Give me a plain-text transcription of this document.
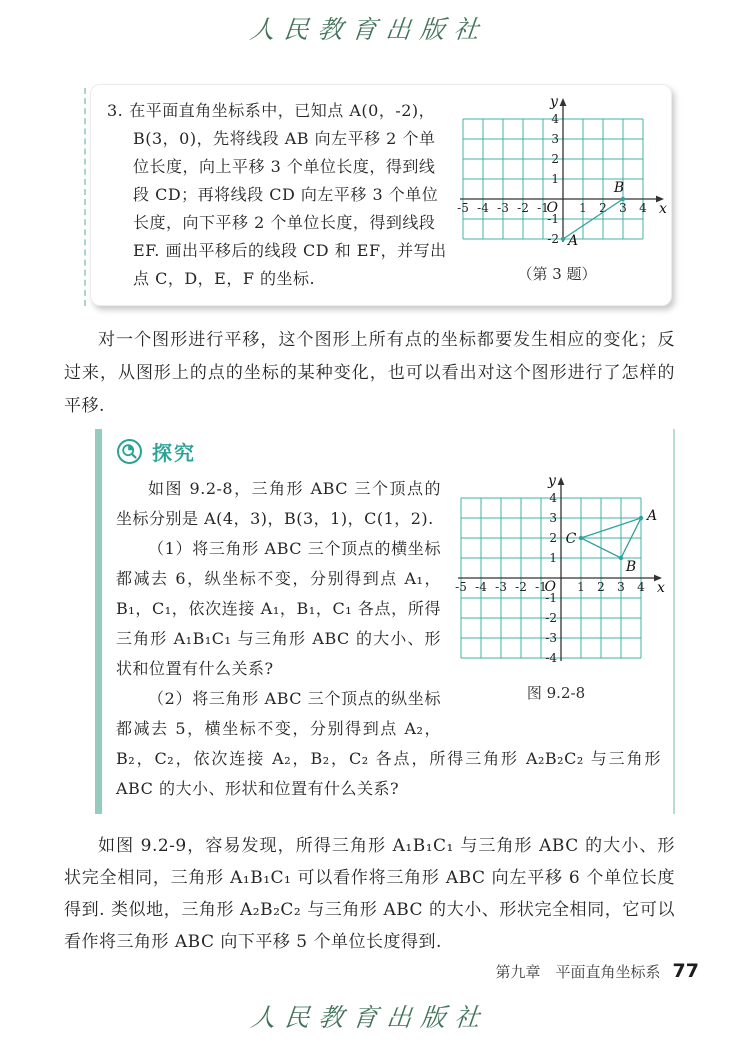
人民教育出版社
3. 在平面直角坐标系中，已知点 A(0，-2)，B(3，0)，先将线段 AB 向左平移 2 个单位长度，向上平移 3 个单位长度，得到线段 CD；再将线段 CD 向左平移 3 个单位长度，向下平移 2 个单位长度，得到线段 EF. 画出平移后的线段 CD 和 EF，并写出点 C，D，E，F 的坐标.
-5 -4 -3 -2 -1	1 2 3 4
4
3
2
1
-1
-2
O	x
y
A
B
（第 3 题）
对一个图形进行平移，这个图形上所有点的坐标都要发生相应的变化；反过来，从图形上的点的坐标的某种变化，也可以看出对这个图形进行了怎样的平移.
探究
-5 -4 -3 -2 -1	1 2 3 4
4
3
2
1
-1
-2
-3
-4
O	x
y
A
B
C
图 9.2-8
如图 9.2-8，三角形 ABC 三个顶点的坐标分别是 A(4，3)，B(3，1)，C(1，2).
（1）将三角形 ABC 三个顶点的横坐标都减去 6，纵坐标不变，分别得到点 A₁，B₁，C₁，依次连接 A₁，B₁，C₁ 各点，所得三角形 A₁B₁C₁ 与三角形 ABC 的大小、形状和位置有什么关系?
（2）将三角形 ABC 三个顶点的纵坐标都减去 5，横坐标不变，分别得到点 A₂，B₂，C₂，依次连接 A₂，B₂，C₂ 各点，所得三角形 A₂B₂C₂ 与三角形 ABC 的大小、形状和位置有什么关系?
如图 9.2-9，容易发现，所得三角形 A₁B₁C₁ 与三角形 ABC 的大小、形状完全相同，三角形 A₁B₁C₁ 可以看作将三角形 ABC 向左平移 6 个单位长度得到. 类似地，三角形 A₂B₂C₂ 与三角形 ABC 的大小、形状完全相同，它可以看作将三角形 ABC 向下平移 5 个单位长度得到.
第九章　平面直角坐标系 77
人民教育出版社
